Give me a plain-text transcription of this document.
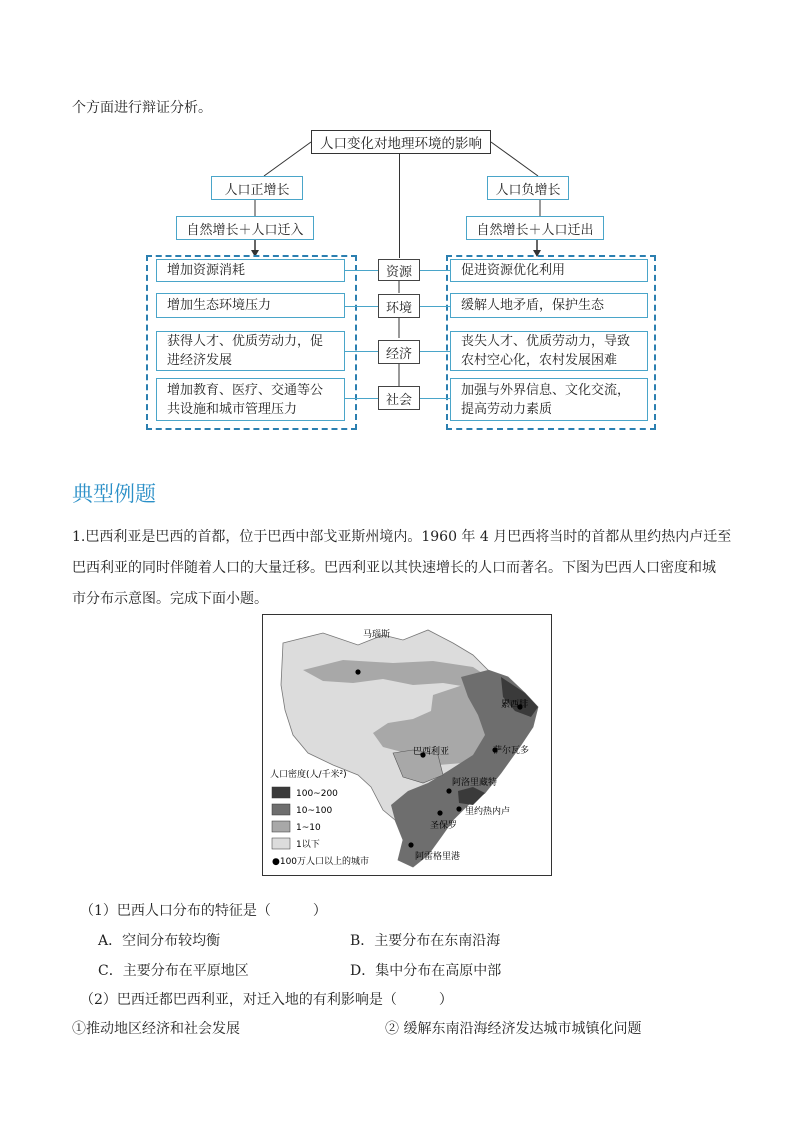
个方面进行辩证分析。
人口变化对地理环境的影响
人口正增长	人口负增长
自然增长＋人口迁入	自然增长＋人口迁出
增加资源消耗
增加生态环境压力
获得人才、优质劳动力，促
进经济发展
增加教育、医疗、交通等公
共设施和城市管理压力
促进资源优化利用
缓解人地矛盾，保护生态
丧失人才、优质劳动力，导致
农村空心化，农村发展困难
加强与外界信息、文化交流，
提高劳动力素质
资源
环境
经济
社会
典型例题
1.巴西利亚是巴西的首都，位于巴西中部戈亚斯州境内。1960 年 4 月巴西将当时的首都从里约热内卢迁至
巴西利亚的同时伴随着人口的大量迁移。巴西利亚以其快速增长的人口而著名。下图为巴西人口密度和城
市分布示意图。完成下面小题。
马瑙斯
累西腓
萨尔瓦多
巴西利亚
阿洛里藏特
里约热内卢
圣保罗
阿雷格里港
人口密度(人/千米²)
100~200
10~100
1~10
1以下
●100万人口以上的城市
（1）巴西人口分布的特征是（　　　）
A．空间分布较均衡	B．主要分布在东南沿海
C．主要分布在平原地区	D．集中分布在高原中部
（2）巴西迁都巴西利亚，对迁入地的有利影响是（　　　）
①推动地区经济和社会发展	② 缓解东南沿海经济发达城市城镇化问题
